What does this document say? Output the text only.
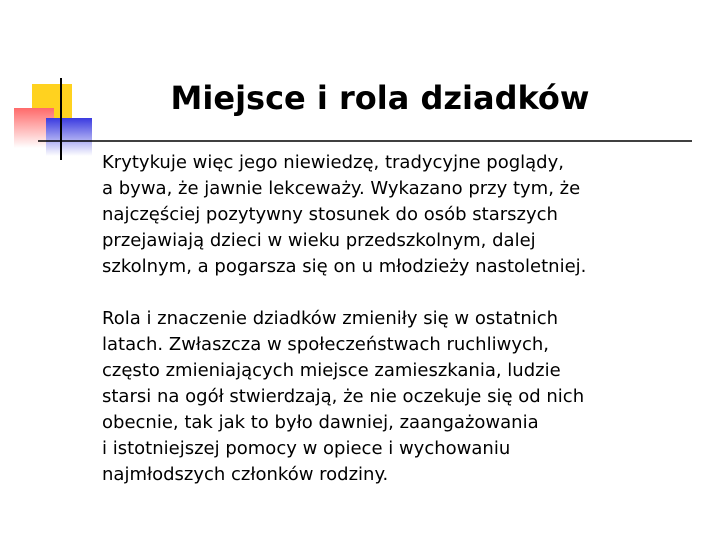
Miejsce i rola dziadków

Krytykuje więc jego niewiedzę, tradycyjne poglądy,
a bywa, że jawnie lekceważy. Wykazano przy tym, że
najczęściej pozytywny stosunek do osób starszych
przejawiają dzieci w wieku przedszkolnym, dalej
szkolnym, a pogarsza się on u młodzieży nastoletniej.

Rola i znaczenie dziadków zmieniły się w ostatnich
latach. Zwłaszcza w społeczeństwach ruchliwych,
często zmieniających miejsce zamieszkania, ludzie
starsi na ogół stwierdzają, że nie oczekuje się od nich
obecnie, tak jak to było dawniej, zaangażowania
i istotniejszej pomocy w opiece i wychowaniu
najmłodszych członków rodziny.
